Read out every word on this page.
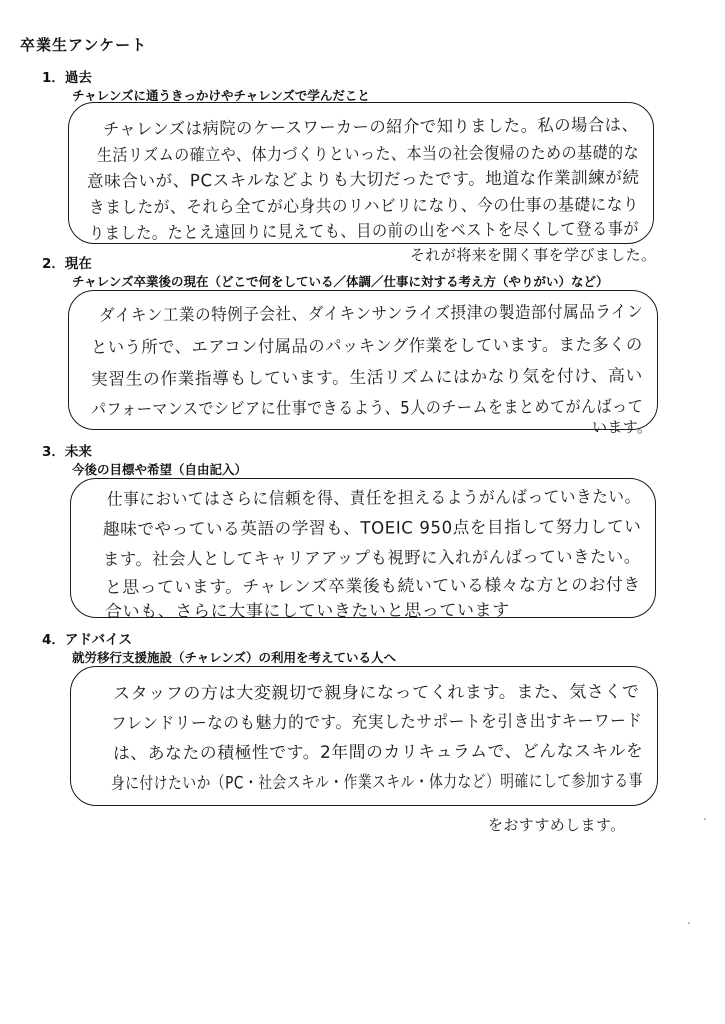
卒業生アンケート
1．過去
チャレンズに通うきっかけやチャレンズで学んだこと
チャレンズは病院のケースワーカーの紹介で知りました。私の場合は、
生活リズムの確立や、体力づくりといった、本当の社会復帰のための基礎的な
意味合いが、PCスキルなどよりも大切だったです。地道な作業訓練が続
きましたが、それら全てが心身共のリハビリになり、今の仕事の基礎になり
りました。たとえ遠回りに見えても、目の前の山をベストを尽くして登る事が
それが将来を開く事を学びました。
2．現在
チャレンズ卒業後の現在（どこで何をしている／体調／仕事に対する考え方（やりがい）など）
ダイキン工業の特例子会社、ダイキンサンライズ摂津の製造部付属品ライン
という所で、エアコン付属品のパッキング作業をしています。また多くの
実習生の作業指導もしています。生活リズムにはかなり気を付け、高い
パフォーマンスでシビアに仕事できるよう、5人のチームをまとめてがんばって
います。
3．未来
今後の目標や希望（自由記入）
仕事においてはさらに信頼を得、責任を担えるようがんばっていきたい。
趣味でやっている英語の学習も、TOEIC 950点を目指して努力してい
ます。社会人としてキャリアアップも視野に入れがんばっていきたい。
と思っています。チャレンズ卒業後も続いている様々な方とのお付き
合いも、さらに大事にしていきたいと思っています
4．アドバイス
就労移行支援施設（チャレンズ）の利用を考えている人へ
スタッフの方は大変親切で親身になってくれます。また、気さくで
フレンドリーなのも魅力的です。充実したサポートを引き出すキーワード
は、あなたの積極性です。2年間のカリキュラムで、どんなスキルを
身に付けたいか（PC・社会スキル・作業スキル・体力など）明確にして参加する事
をおすすめします。
